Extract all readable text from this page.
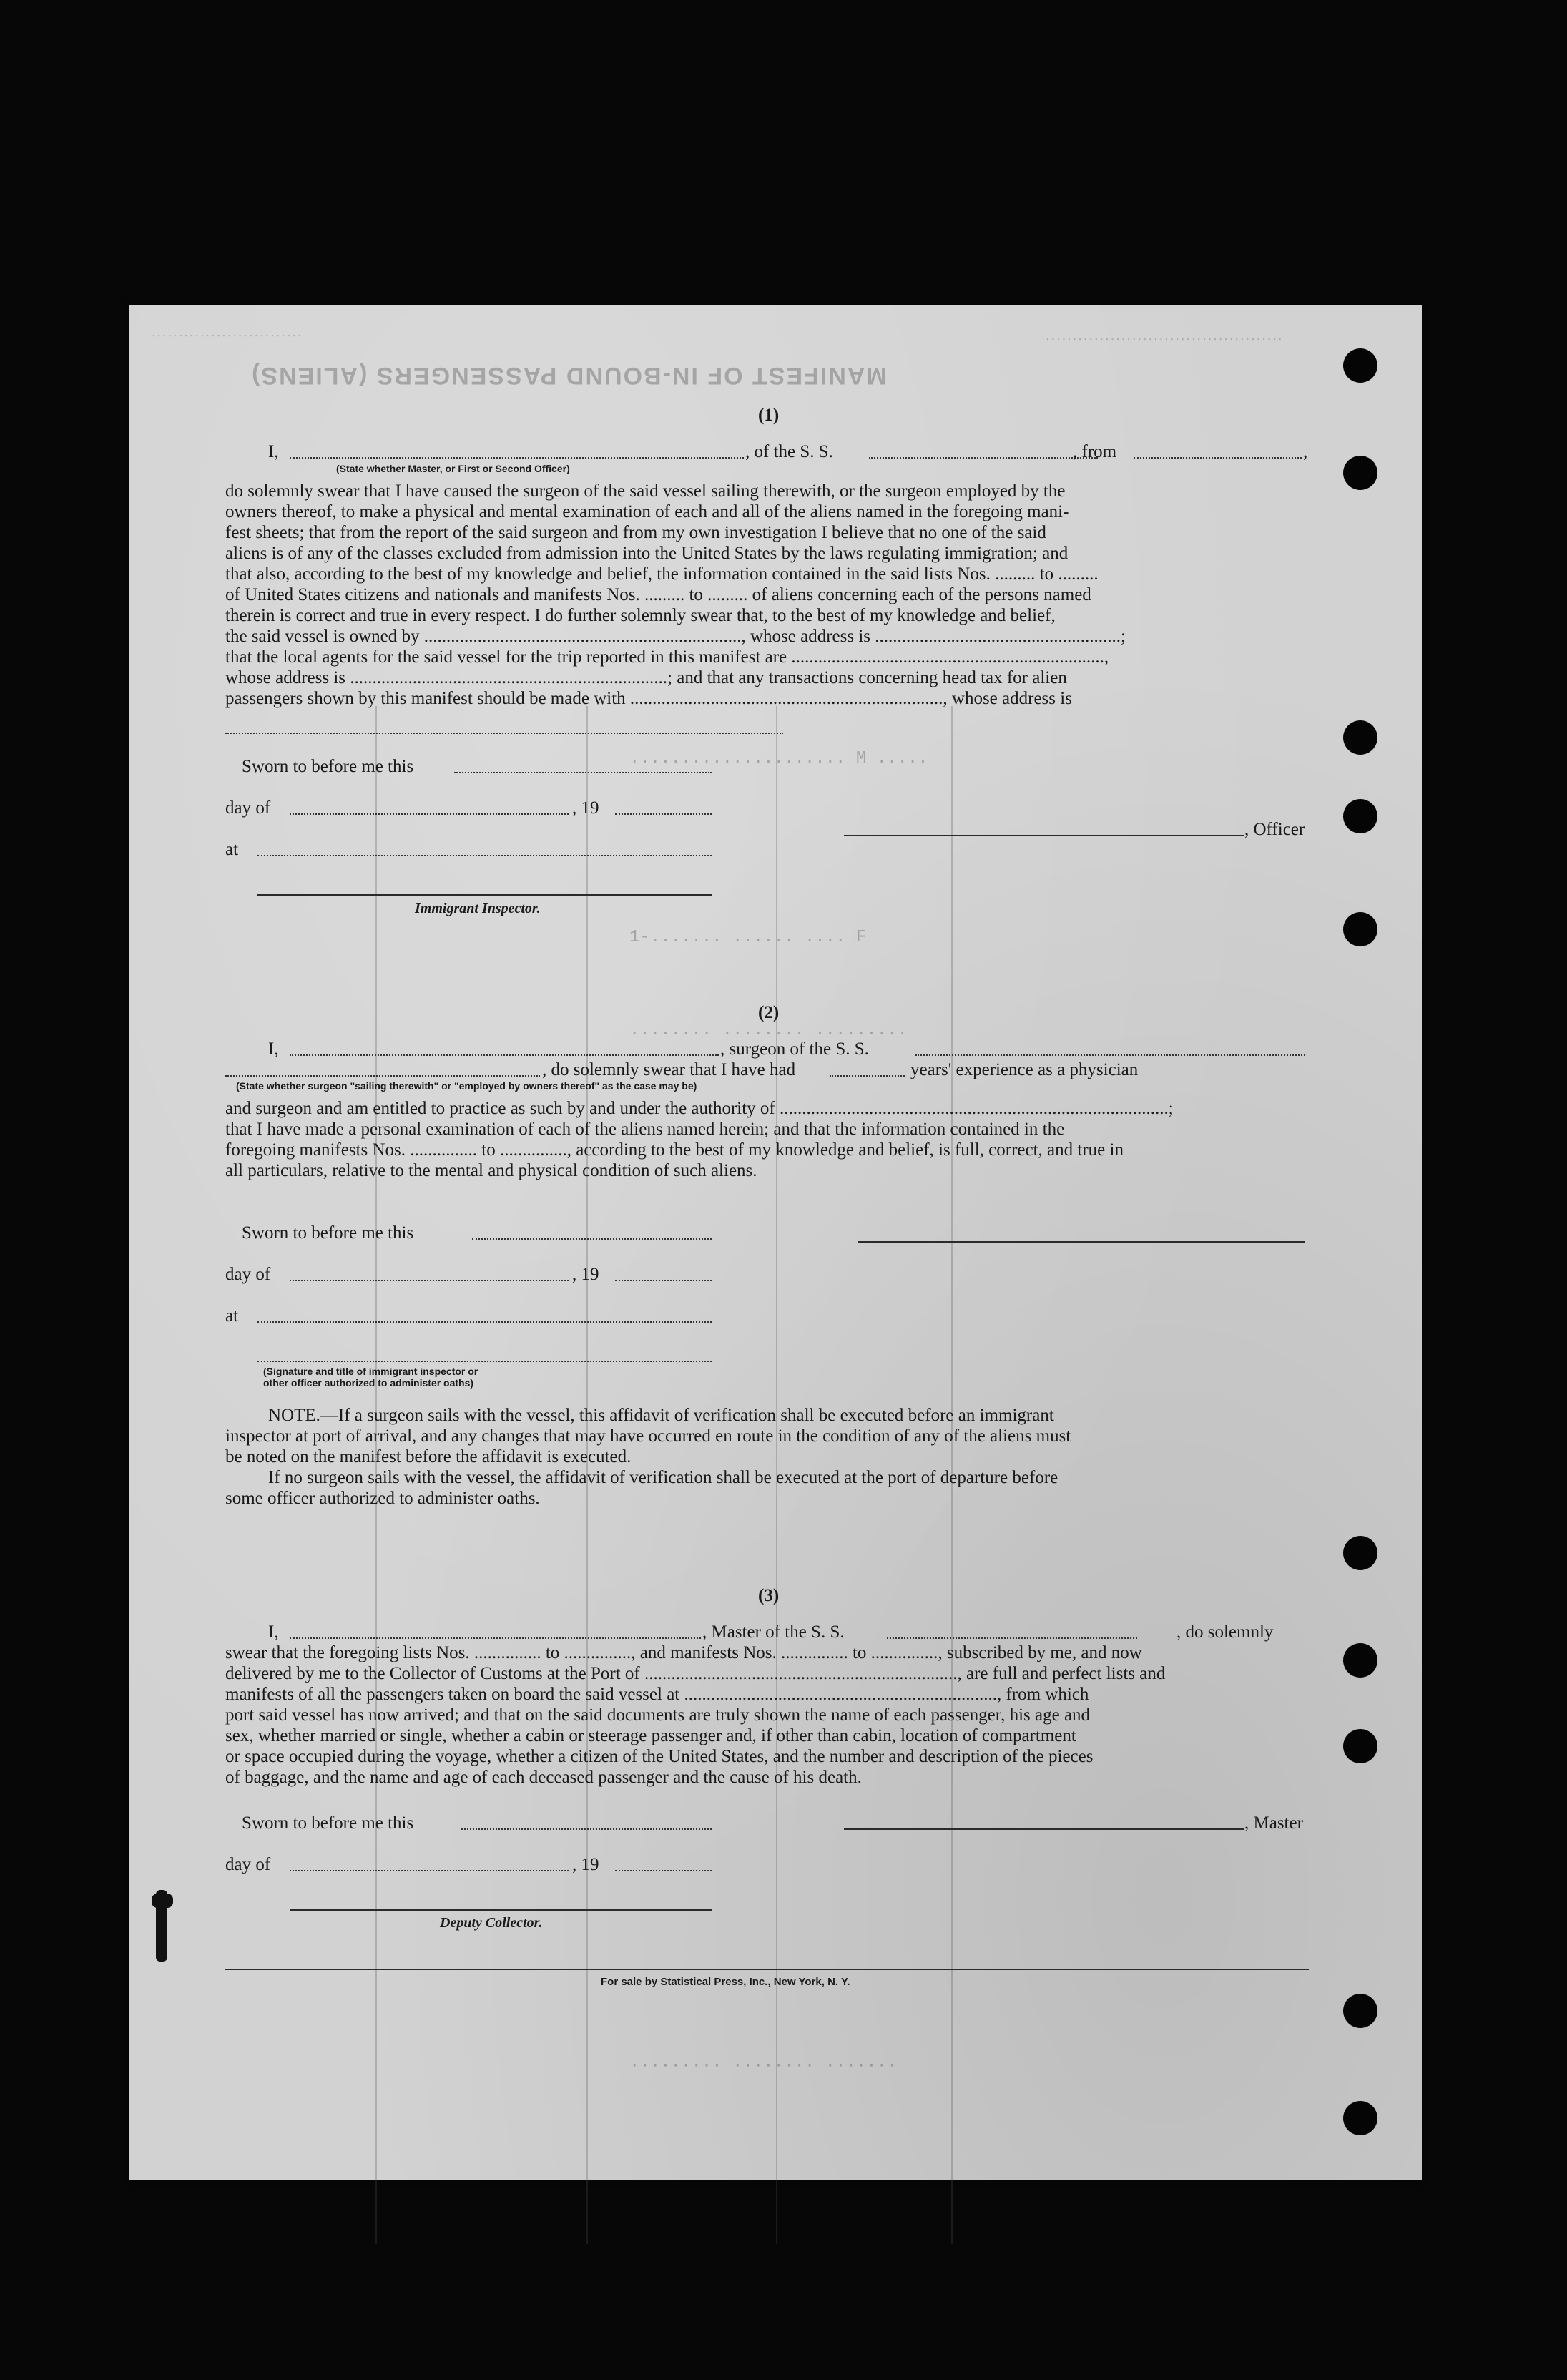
MANIFEST OF IN-BOUND PASSENGERS (ALIENS)
............................	............................................
(1)
I,	, of the S. S.	, from	,
(State whether Master, or First or Second Officer)
do solemnly swear that I have caused the surgeon of the said vessel sailing therewith, or the surgeon employed by the
owners thereof, to make a physical and mental examination of each and all of the aliens named in the foregoing mani-
fest sheets; that from the report of the said surgeon and from my own investigation I believe that no one of the said
aliens is of any of the classes excluded from admission into the United States by the laws regulating immigration; and
that also, according to the best of my knowledge and belief, the information contained in the said lists Nos. ......... to .........
of United States citizens and nationals and manifests Nos. ......... to ......... of aliens concerning each of the persons named
therein is correct and true in every respect. I do further solemnly swear that, to the best of my knowledge and belief,
the said vessel is owned by ......................................................................., whose address is .......................................................;
that the local agents for the said vessel for the trip reported in this manifest are ......................................................................,
whose address is .......................................................................; and that any transactions concerning head tax for alien
passengers shown by this manifest should be made with ......................................................................, whose address is
Sworn to before me this
day of	, 19
at
Immigrant Inspector.
, Officer
..................... M .....
1-....... ...... .... F
........ ........ .........
(2)
I,	, surgeon of the S. S.
, do solemnly swear that I have had	years' experience as a physician
(State whether surgeon "sailing therewith" or "employed by owners thereof" as the case may be)
and surgeon and am entitled to practice as such by and under the authority of .......................................................................................;
that I have made a personal examination of each of the aliens named herein; and that the information contained in the
foregoing manifests Nos. ............... to ..............., according to the best of my knowledge and belief, is full, correct, and true in
all particulars, relative to the mental and physical condition of such aliens.
Sworn to before me this
day of	, 19
at
(Signature and title of immigrant inspector or
other officer authorized to administer oaths)
NOTE.—If a surgeon sails with the vessel, this affidavit of verification shall be executed before an immigrant
inspector at port of arrival, and any changes that may have occurred en route in the condition of any of the aliens must
be noted on the manifest before the affidavit is executed.
If no surgeon sails with the vessel, the affidavit of verification shall be executed at the port of departure before
some officer authorized to administer oaths.
(3)
I,	, Master of the S. S.	, do solemnly
swear that the foregoing lists Nos. ............... to ..............., and manifests Nos. ............... to ..............., subscribed by me, and now
delivered by me to the Collector of Customs at the Port of ......................................................................, are full and perfect lists and
manifests of all the passengers taken on board the said vessel at ......................................................................, from which
port said vessel has now arrived; and that on the said documents are truly shown the name of each passenger, his age and
sex, whether married or single, whether a cabin or steerage passenger and, if other than cabin, location of compartment
or space occupied during the voyage, whether a citizen of the United States, and the number and description of the pieces
of baggage, and the name and age of each deceased passenger and the cause of his death.
Sworn to before me this	, Master
day of	, 19
Deputy Collector.
For sale by Statistical Press, Inc., New York, N. Y.
....... ........ .........
